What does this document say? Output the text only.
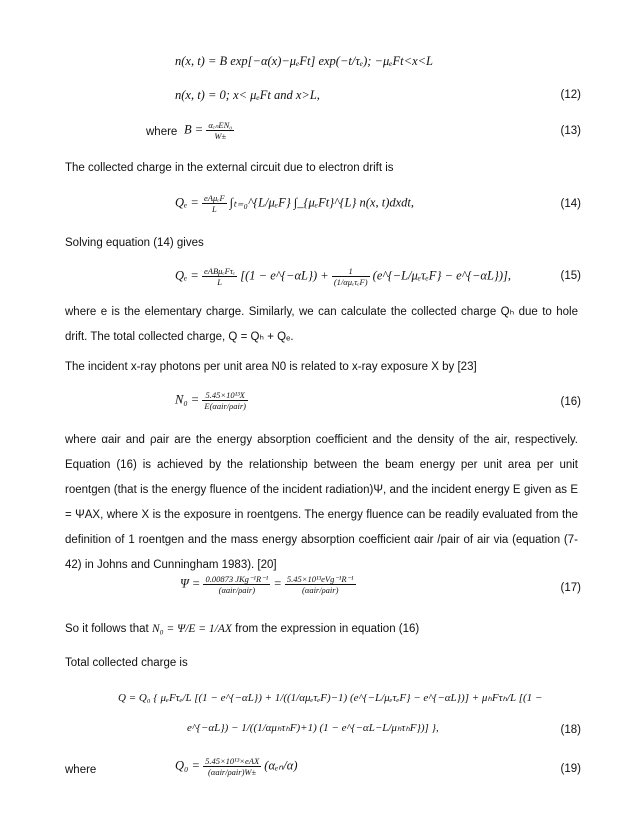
n(x, t) = B exp[−α(x)−μₑFt] exp(−t/τₑ); −μₑFt<x<L
n(x, t) = 0; x< μₑFt and x>L,	(12)
where $B = \frac{\text{αₑₙEN₀}}{W\pm}$	(13)
The collected charge in the external circuit due to electron drift is
$Q_e = \frac{\text{eAμₑF}}{L}$ ∫ₜ₌₀^{L/μₑF} ∫_{μₑFt}^{L} n(x, t)dxdt,	(14)
Solving equation (14) gives
$Q_e = \frac{\text{eABμₑFτₑ}}{L} [(1$ − e^{−αL}) + $\frac{1}{\text{(1/αμₑτₑF)}}$ (e^{−L/μₑτₑF} − e^{−αL})],	(15)
where e is the elementary charge. Similarly, we can calculate the collected charge Qₕ due to hole drift. The total collected charge, Q = Qₕ + Qₑ.
The incident x-ray photons per unit area N0 is related to x-ray exposure X by [23]
$N_0 = \frac{\text{5.45×10¹³X}}{\text{E(αair/ρair)}}$	(16)
where αair and ρair are the energy absorption coefficient and the density of the air, respectively. Equation (16) is achieved by the relationship between the beam energy per unit area per unit roentgen (that is the energy fluence of the incident radiation)Ψ, and the incident energy E given as E = ΨAX, where X is the exposure in roentgens. The energy fluence can be readily evaluated from the definition of 1 roentgen and the mass energy absorption coefficient αair /pair of air via (equation (7-42) in Johns and Cunningham 1983). [20]
$\Psi = \frac{\text{0.00873 JKg⁻¹R⁻¹}}{\text{(αair/ρair)}} = \frac{\text{5.45×10¹³eVg⁻¹R⁻¹}}{\text{(αair/ρair)}}$	(17)
So it follows that N₀ = Ψ/E = 1/AX from the expression in equation (16)
Total collected charge is
Q = Q₀ { μₑFτₑ/L [(1 − e^{−αL}) + 1/((1/αμₑτₑF)−1) (e^{−L/μₑτₑF} − e^{−αL})] + μₕFτₕ/L [(1 −
e^{−αL}) − 1/((1/αμₕτₕF)+1) (1 − e^{−αL−L/μₕτₕF})] },	(18)
where	$Q_0 = \frac{\text{5.45×10¹³×eAX}}{\text{(αair/ρair)W±}} (\alpha_{en}/\alpha)$	(19)
